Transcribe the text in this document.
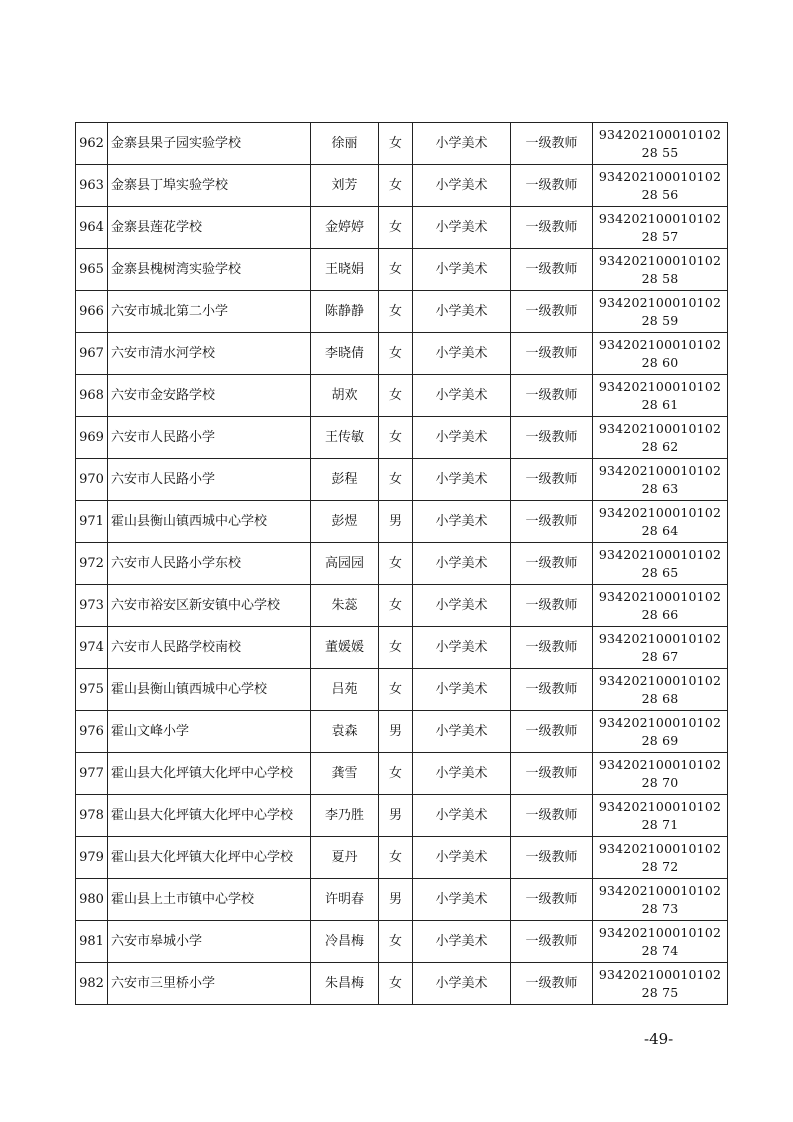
962	金寨县果子园实验学校	徐丽	女	小学美术	一级教师	93420210001010228 55
963	金寨县丁埠实验学校	刘芳	女	小学美术	一级教师	93420210001010228 56
964	金寨县莲花学校	金婷婷	女	小学美术	一级教师	93420210001010228 57
965	金寨县槐树湾实验学校	王晓娟	女	小学美术	一级教师	93420210001010228 58
966	六安市城北第二小学	陈静静	女	小学美术	一级教师	93420210001010228 59
967	六安市清水河学校	李晓倩	女	小学美术	一级教师	93420210001010228 60
968	六安市金安路学校	胡欢	女	小学美术	一级教师	93420210001010228 61
969	六安市人民路小学	王传敏	女	小学美术	一级教师	93420210001010228 62
970	六安市人民路小学	彭程	女	小学美术	一级教师	93420210001010228 63
971	霍山县衡山镇西城中心学校	彭煜	男	小学美术	一级教师	93420210001010228 64
972	六安市人民路小学东校	高园园	女	小学美术	一级教师	93420210001010228 65
973	六安市裕安区新安镇中心学校	朱蕊	女	小学美术	一级教师	93420210001010228 66
974	六安市人民路学校南校	董媛媛	女	小学美术	一级教师	93420210001010228 67
975	霍山县衡山镇西城中心学校	吕苑	女	小学美术	一级教师	93420210001010228 68
976	霍山文峰小学	袁森	男	小学美术	一级教师	93420210001010228 69
977	霍山县大化坪镇大化坪中心学校	龚雪	女	小学美术	一级教师	93420210001010228 70
978	霍山县大化坪镇大化坪中心学校	李乃胜	男	小学美术	一级教师	93420210001010228 71
979	霍山县大化坪镇大化坪中心学校	夏丹	女	小学美术	一级教师	93420210001010228 72
980	霍山县上土市镇中心学校	许明春	男	小学美术	一级教师	93420210001010228 73
981	六安市皋城小学	冷昌梅	女	小学美术	一级教师	93420210001010228 74
982	六安市三里桥小学	朱昌梅	女	小学美术	一级教师	93420210001010228 75
-49-
